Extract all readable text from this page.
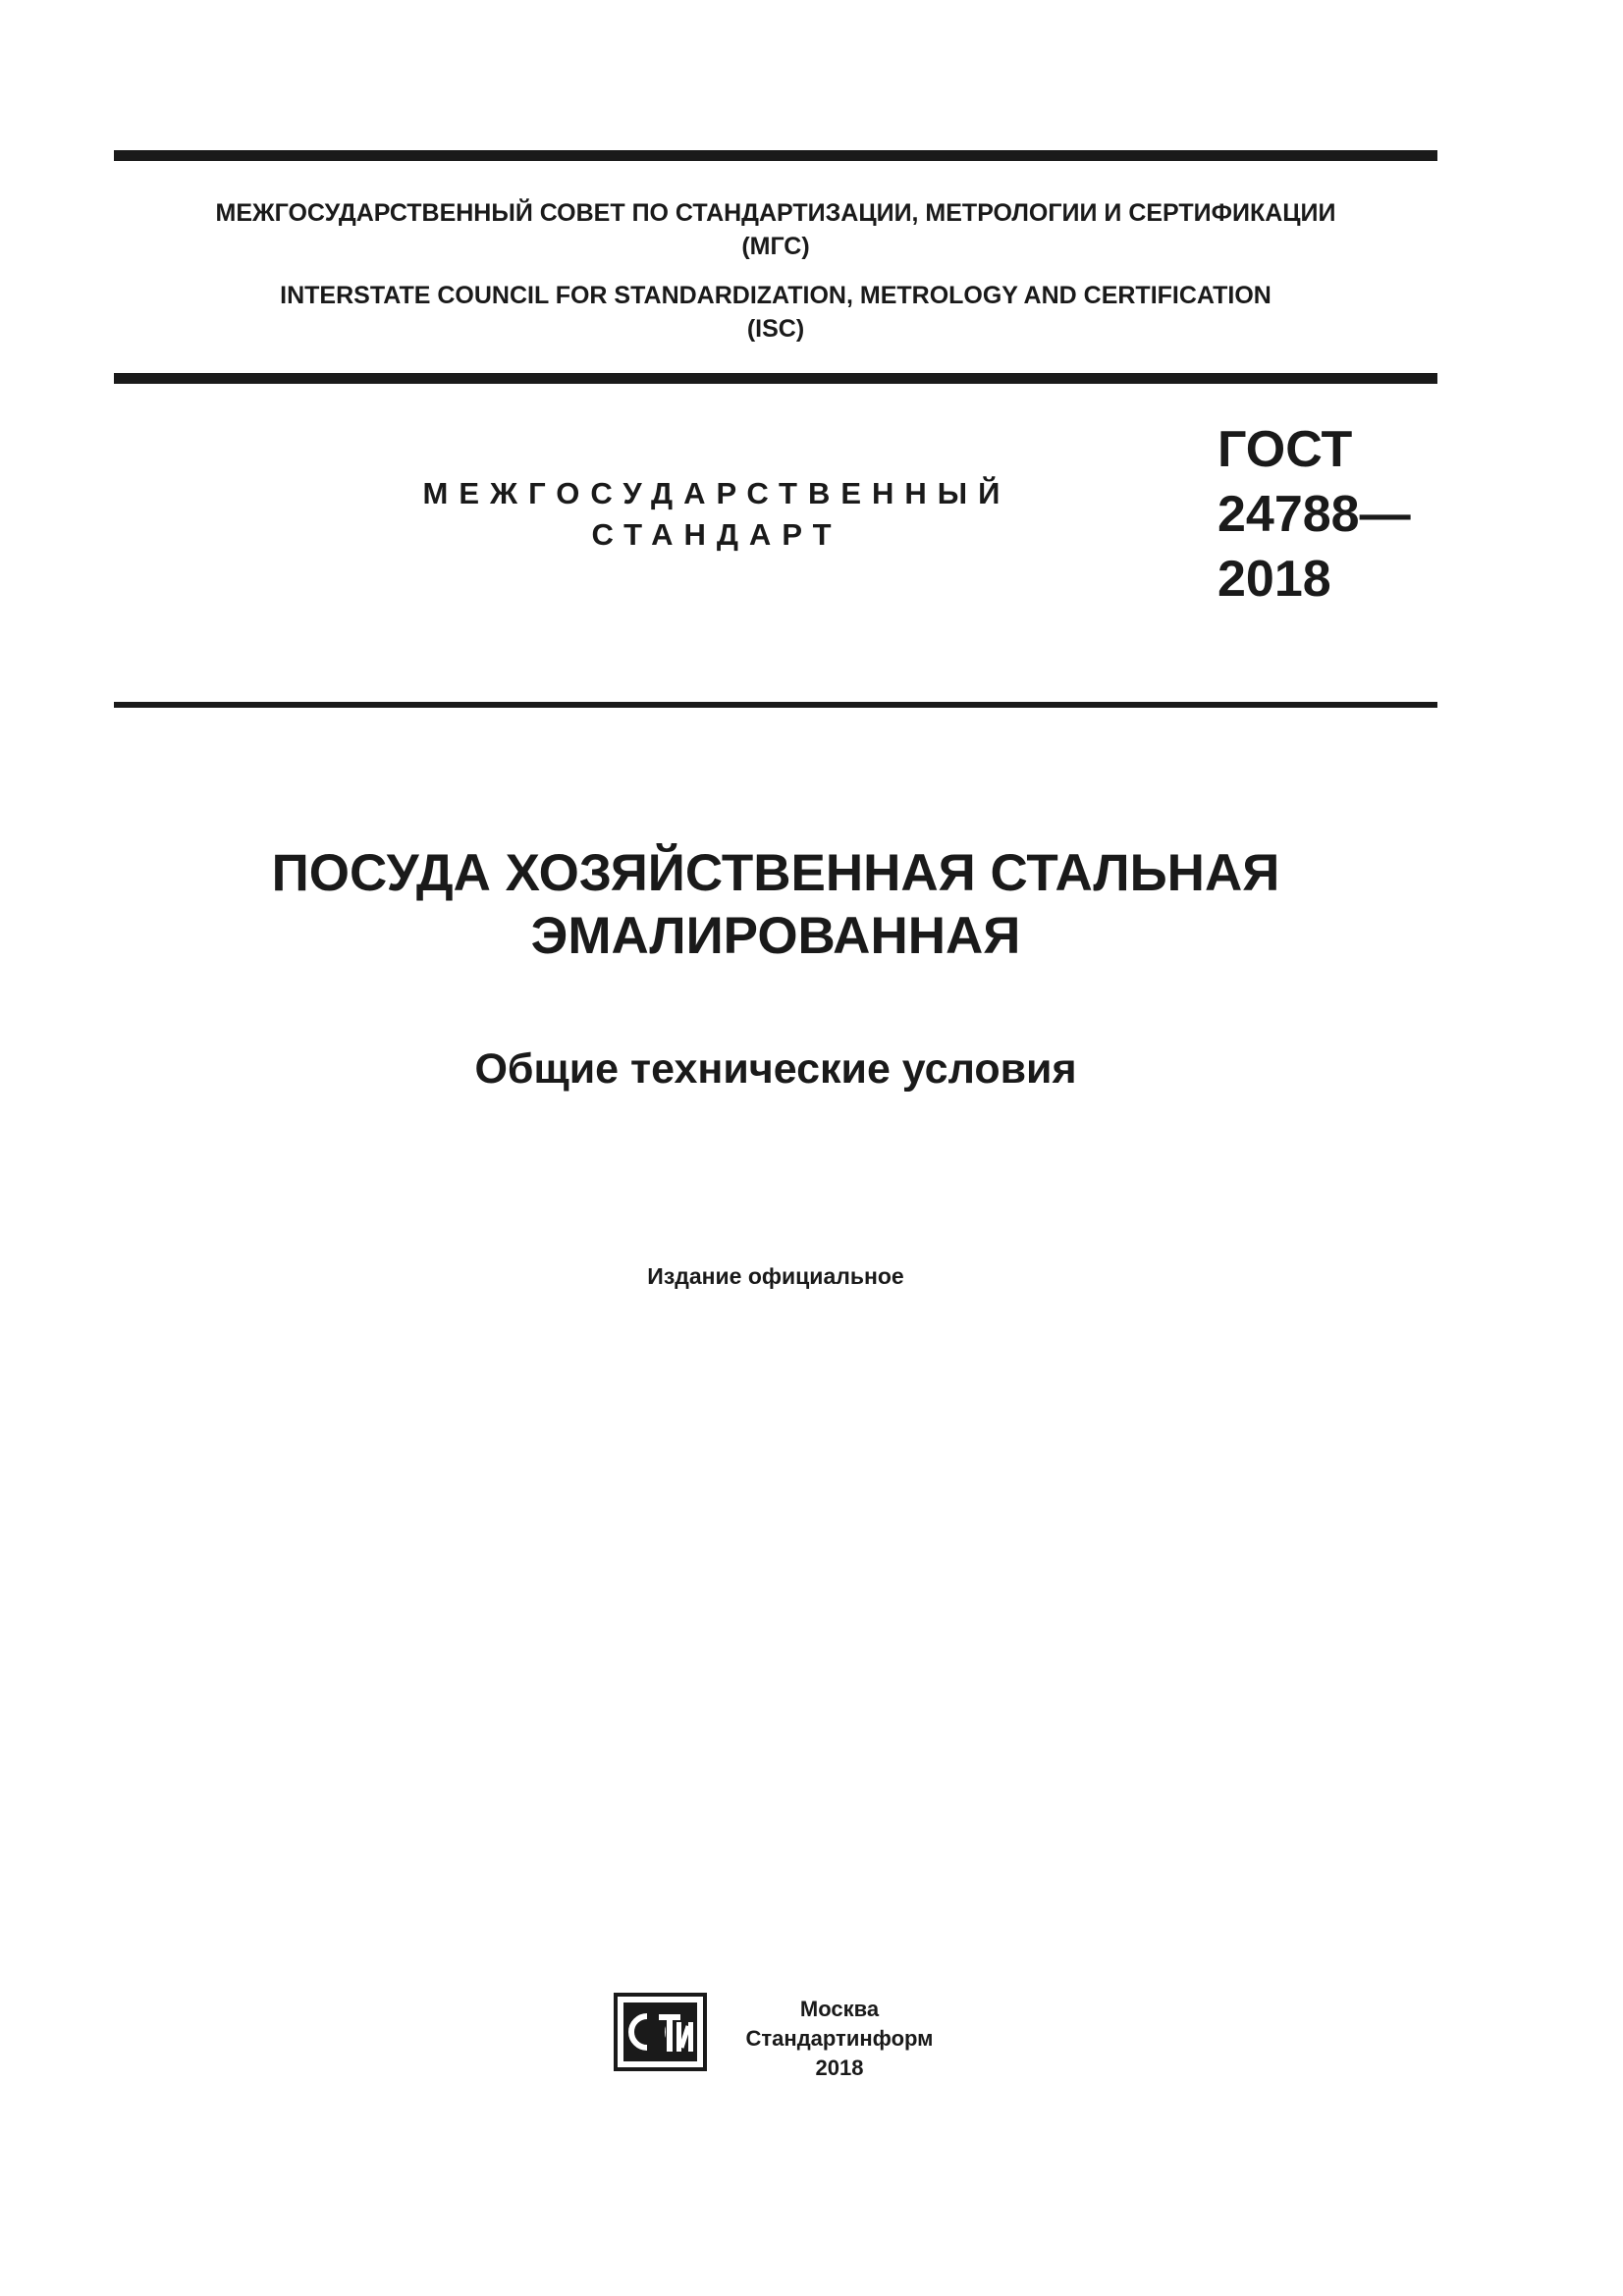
МЕЖГОСУДАРСТВЕННЫЙ СОВЕТ ПО СТАНДАРТИЗАЦИИ, МЕТРОЛОГИИ И СЕРТИФИКАЦИИ
(МГС)
INTERSTATE COUNCIL FOR STANDARDIZATION, METROLOGY AND CERTIFICATION
(ISC)
МЕЖГОСУДАРСТВЕННЫЙ
СТАНДАРТ
ГОСТ
24788—
2018
ПОСУДА ХОЗЯЙСТВЕННАЯ СТАЛЬНАЯ
ЭМАЛИРОВАННАЯ
Общие технические условия
Издание официальное
Москва
Стандартинформ
2018
